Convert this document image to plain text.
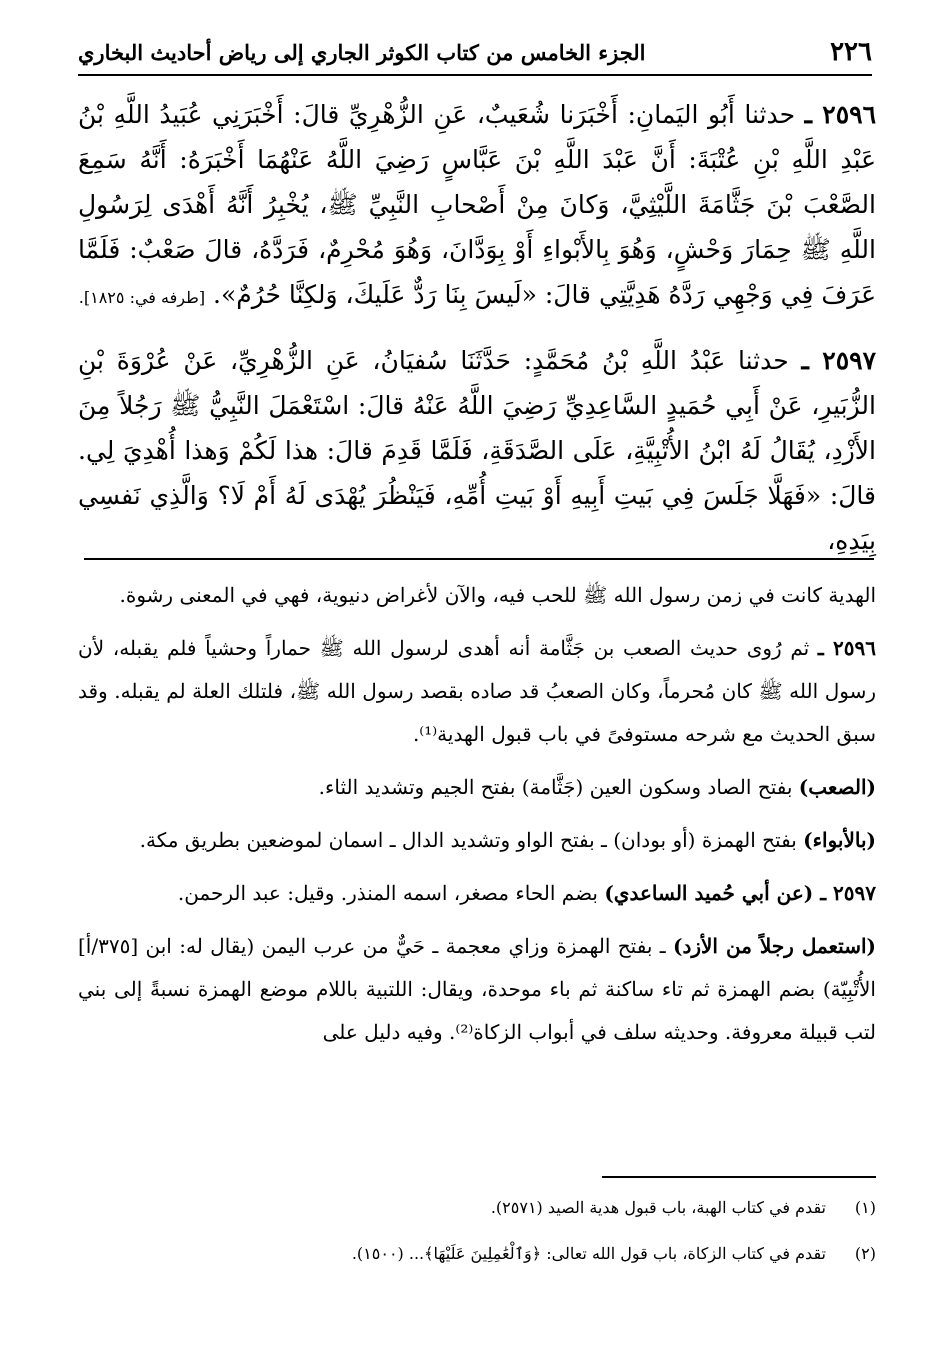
٢٢٦
الجزء الخامس من كتاب الكوثر الجاري إلى رياض أحاديث البخاري

٢٥٩٦ ـ حدثنا أَبُو اليَمانِ: أَخْبَرَنا شُعَيبٌ، عَنِ الزُّهْرِيِّ قالَ: أَخْبَرَنِي عُبَيدُ اللَّهِ بْنُ عَبْدِ اللَّهِ بْنِ عُتْبَةَ: أَنَّ عَبْدَ اللَّهِ بْنَ عَبَّاسٍ رَضِيَ اللَّهُ عَنْهُمَا أَخْبَرَهُ: أَنَّهُ سَمِعَ الصَّعْبَ بْنَ جَثَّامَةَ اللَّيْثِيَّ، وَكانَ مِنْ أَصْحابِ النَّبِيِّ ﷺ، يُخْبِرُ أَنَّهُ أَهْدَى لِرَسُولِ اللَّهِ ﷺ حِمَارَ وَحْشٍ، وَهُوَ بِالأَبْواءِ أَوْ بِوَدَّانَ، وَهُوَ مُحْرِمٌ، فَرَدَّهُ، قالَ صَعْبٌ: فَلَمَّا عَرَفَ فِي وَجْهِي رَدَّهُ هَدِيَّتِي قالَ: «لَيسَ بِنَا رَدٌّ عَلَيكَ، وَلكِنَّا حُرُمٌ». [طرفه في: ١٨٢٥].

٢٥٩٧ ـ حدثنا عَبْدُ اللَّهِ بْنُ مُحَمَّدٍ: حَدَّثَنَا سُفيَانُ، عَنِ الزُّهْرِيِّ، عَنْ عُرْوَةَ بْنِ الزُّبَيرِ، عَنْ أَبِي حُمَيدٍ السَّاعِدِيِّ رَضِيَ اللَّهُ عَنْهُ قالَ: اسْتَعْمَلَ النَّبِيُّ ﷺ رَجُلاً مِنَ الأَزْدِ، يُقَالُ لَهُ ابْنُ الأُتْبِيَّةِ، عَلَى الصَّدَقَةِ، فَلَمَّا قَدِمَ قالَ: هذا لَكُمْ وَهذا أُهْدِيَ لِي. قالَ: «فَهَلَّا جَلَسَ فِي بَيتِ أَبِيهِ أَوْ بَيتِ أُمِّهِ، فَيَنْظُرَ يُهْدَى لَهُ أَمْ لَا؟ وَالَّذِي نَفسِي بِيَدِهِ،

الهدية كانت في زمن رسول الله ﷺ للحب فيه، والآن لأغراض دنيوية، فهي في المعنى رشوة.

٢٥٩٦ ـ ثم رُوى حديث الصعب بن جَثَّامة أنه أهدى لرسول الله ﷺ حماراً وحشياً فلم يقبله، لأن رسول الله ﷺ كان مُحرماً، وكان الصعبُ قد صاده بقصد رسول الله ﷺ، فلتلك العلة لم يقبله. وقد سبق الحديث مع شرحه مستوفىً في باب قبول الهدية⁽¹⁾.

(الصعب) بفتح الصاد وسكون العين (جَثَّامة) بفتح الجيم وتشديد الثاء.

(بالأبواء) بفتح الهمزة (أو بودان) ـ بفتح الواو وتشديد الدال ـ اسمان لموضعين بطريق مكة.

٢٥٩٧ ـ (عن أبي حُميد الساعدي) بضم الحاء مصغر، اسمه المنذر. وقيل: عبد الرحمن.

(استعمل رجلاً من الأزد) ـ بفتح الهمزة وزاي معجمة ـ حَيٌّ من عرب اليمن (يقال له: ابن [٣٧٥/أ] الأُتْبِيّة) بضم الهمزة ثم تاء ساكنة ثم باء موحدة، ويقال: اللتبية باللام موضع الهمزة نسبةً إلى بني لتب قبيلة معروفة. وحديثه سلف في أبواب الزكاة⁽²⁾. وفيه دليل على

(١)
تقدم في كتاب الهبة، باب قبول هدية الصيد (٢٥٧١).
(٢)
تقدم في كتاب الزكاة، باب قول الله تعالى: ﴿وَٱلْعَٰمِلِينَ عَلَيْهَا﴾... (١٥٠٠).
